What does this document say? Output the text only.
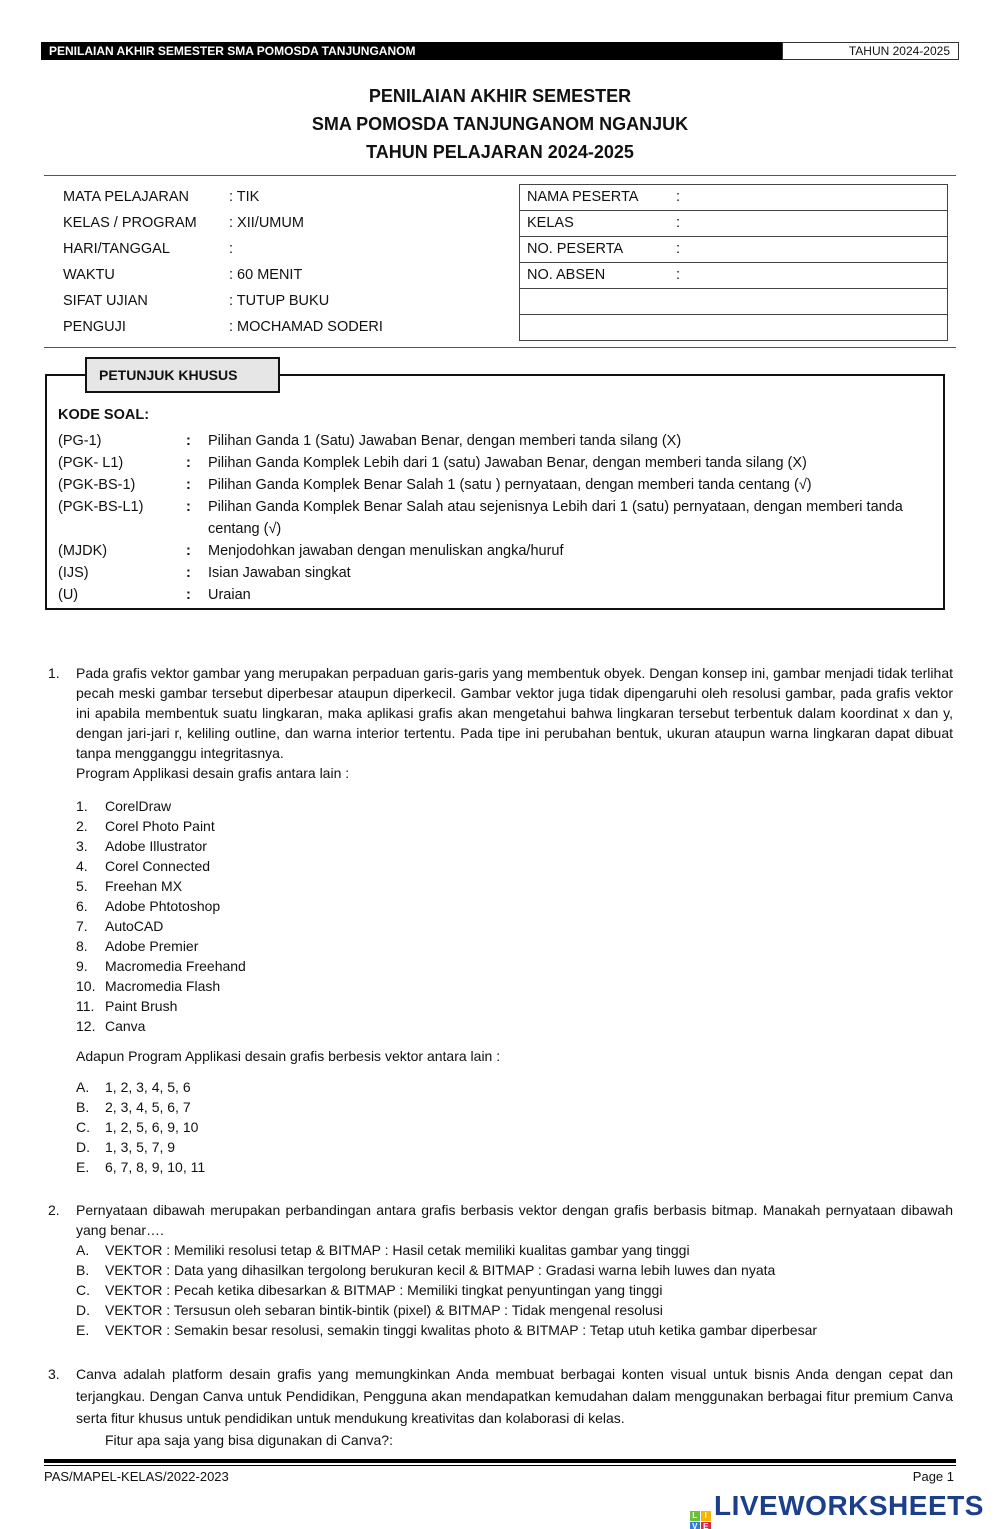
PENILAIAN AKHIR SEMESTER SMA POMOSDA TANJUNGANOM	TAHUN 2024-2025
PENILAIAN AKHIR SEMESTER
SMA POMOSDA TANJUNGANOM NGANJUK
TAHUN PELAJARAN 2024-2025
MATA PELAJARAN	: TIK
KELAS / PROGRAM : XII/UMUM
HARI/TANGGAL	:
WAKTU	: 60 MENIT
SIFAT UJIAN	: TUTUP BUKU
PENGUJI	: MOCHAMAD SODERI
NAMA PESERTA	:
KELAS	:
NO. PESERTA	:
NO. ABSEN	:
PETUNJUK KHUSUS
KODE SOAL:
(PG-1)	: Pilihan Ganda 1 (Satu) Jawaban Benar, dengan memberi tanda silang (X)
(PGK- L1)	: Pilihan Ganda Komplek Lebih dari 1 (satu) Jawaban Benar, dengan memberi tanda silang (X)
(PGK-BS-1)	: Pilihan Ganda Komplek Benar Salah 1 (satu ) pernyataan, dengan memberi tanda centang (√)
(PGK-BS-L1)	: Pilihan Ganda Komplek Benar Salah atau sejenisnya Lebih dari 1 (satu) pernyataan, dengan memberi tanda centang (√)
(MJDK)	: Menjodohkan jawaban dengan menuliskan angka/huruf
(IJS)	: Isian Jawaban singkat
(U)	: Uraian
1. Pada grafis vektor gambar yang merupakan perpaduan garis-garis yang membentuk obyek. Dengan konsep ini, gambar menjadi tidak terlihat pecah meski gambar tersebut diperbesar ataupun diperkecil. Gambar vektor juga tidak dipengaruhi oleh resolusi gambar, pada grafis vektor ini apabila membentuk suatu lingkaran, maka aplikasi grafis akan mengetahui bahwa lingkaran tersebut terbentuk dalam koordinat x dan y, dengan jari-jari r, keliling outline, dan warna interior tertentu. Pada tipe ini perubahan bentuk, ukuran ataupun warna lingkaran dapat dibuat tanpa mengganggu integritasnya.
Program Applikasi desain grafis antara lain :
1. CorelDraw
2. Corel Photo Paint
3. Adobe Illustrator
4. Corel Connected
5. Freehan MX
6. Adobe Phtotoshop
7. AutoCAD
8. Adobe Premier
9. Macromedia Freehand
10. Macromedia Flash
11. Paint Brush
12. Canva
Adapun Program Applikasi desain grafis berbesis vektor antara lain :
A. 1, 2, 3, 4, 5, 6
B. 2, 3, 4, 5, 6, 7
C. 1, 2, 5, 6, 9, 10
D. 1, 3, 5, 7, 9
E. 6, 7, 8, 9, 10, 11
2. Pernyataan dibawah merupakan perbandingan antara grafis berbasis vektor dengan grafis berbasis bitmap. Manakah pernyataan dibawah yang benar….
A. VEKTOR : Memiliki resolusi tetap & BITMAP : Hasil cetak memiliki kualitas gambar yang tinggi
B. VEKTOR : Data yang dihasilkan tergolong berukuran kecil & BITMAP : Gradasi warna lebih luwes dan nyata
C. VEKTOR : Pecah ketika dibesarkan & BITMAP : Memiliki tingkat penyuntingan yang tinggi
D. VEKTOR : Tersusun oleh sebaran bintik-bintik (pixel) & BITMAP : Tidak mengenal resolusi
E. VEKTOR : Semakin besar resolusi, semakin tinggi kwalitas photo & BITMAP : Tetap utuh ketika gambar diperbesar
3. Canva adalah platform desain grafis yang memungkinkan Anda membuat berbagai konten visual untuk bisnis Anda dengan cepat dan terjangkau. Dengan Canva untuk Pendidikan, Pengguna akan mendapatkan kemudahan dalam menggunakan berbagai fitur premium Canva serta fitur khusus untuk pendidikan untuk mendukung kreativitas dan kolaborasi di kelas.
Fitur apa saja yang bisa digunakan di Canva?:
PAS/MAPEL-KELAS/2022-2023	Page 1
L I
V E
LIVEWORKSHEETS
